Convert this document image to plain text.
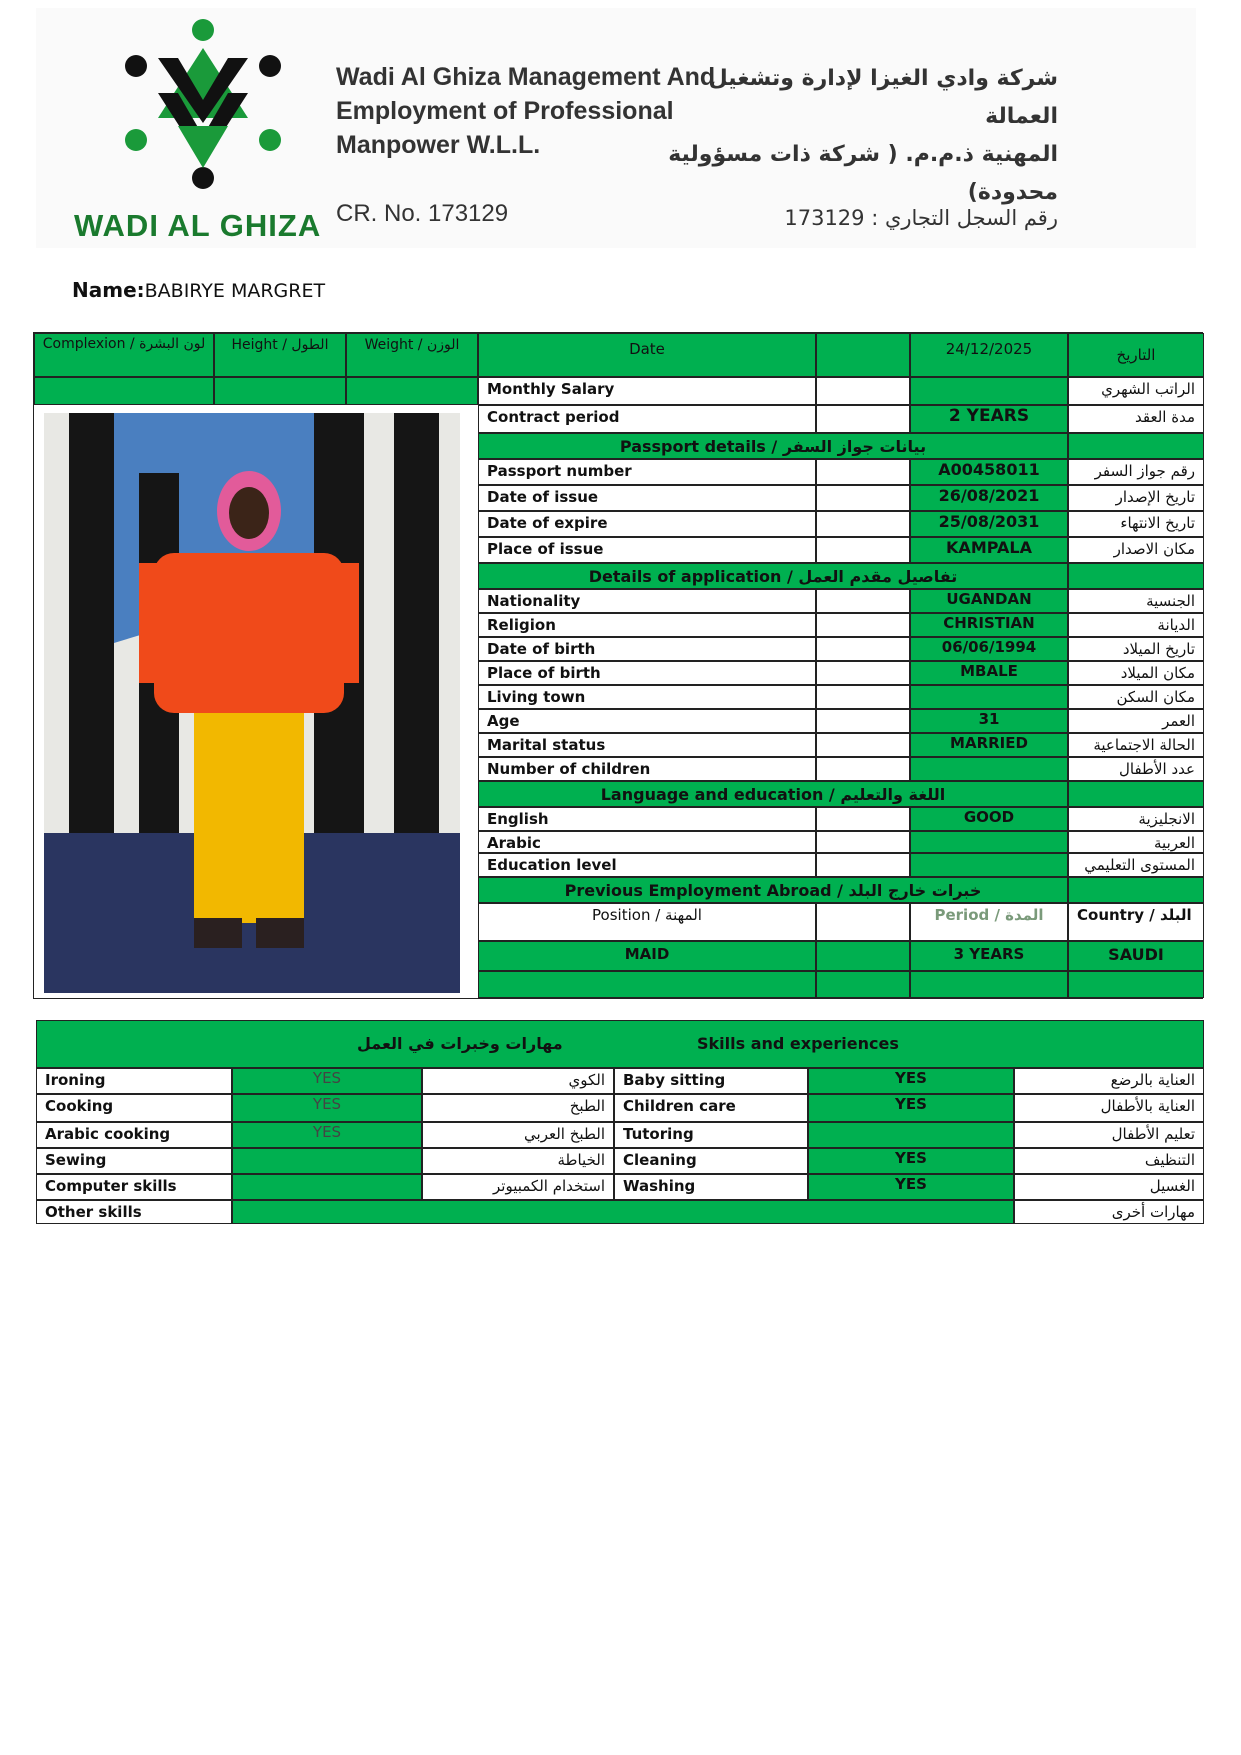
WADI AL GHIZA
Wadi Al Ghiza Management And
Employment of Professional
Manpower W.L.L.
CR. No. 173129
شركة وادي الغيزا لإدارة وتشغيل العمالة
المهنية ذ.م.م. ( شركة ذات مسؤولية
محدودة)
رقم السجل التجاري : 173129
Name:BABIRYE MARGRET
Complexion / لون البشرة	Height / الطول	Weight / الوزن	Date	24/12/2025	التاريخ
Monthly Salary	الراتب الشهري
Contract period	2 YEARS	مدة العقد
Passport details / بيانات جواز السفر
Passport number	A00458011	رقم جواز السفر
Date of issue	26/08/2021	تاريخ الإصدار
Date of expire	25/08/2031	تاريخ الانتهاء
Place of issue	KAMPALA	مكان الاصدار
Details of application / تفاصيل مقدم العمل
Nationality	UGANDAN	الجنسية
Religion	CHRISTIAN	الديانة
Date of birth	06/06/1994	تاريخ الميلاد
Place of birth	MBALE	مكان الميلاد
Living town	مكان السكن
Age	31	العمر
Marital status	MARRIED	الحالة الاجتماعية
Number of children	عدد الأطفال
Language and education / اللغة والتعليم
English	GOOD	الانجليزية
Arabic	العربية
Education level	المستوى التعليمي
Previous Employment Abroad / خبرات خارج البلد
Position / المهنة	Period / المدة	Country / البلد
MAID	3 YEARS	SAUDI
مهارات وخبرات في العمل	Skills and experiences
Ironing	YES	الكوي	Baby sitting	YES	العناية بالرضع
Cooking	YES	الطبخ	Children care	YES	العناية بالأطفال
Arabic cooking	YES	الطبخ العربي	Tutoring	تعليم الأطفال
Sewing	الخياطة	Cleaning	YES	التنظيف
Computer skills	استخدام الكمبيوتر	Washing	YES	الغسيل
Other skills	مهارات أخرى
